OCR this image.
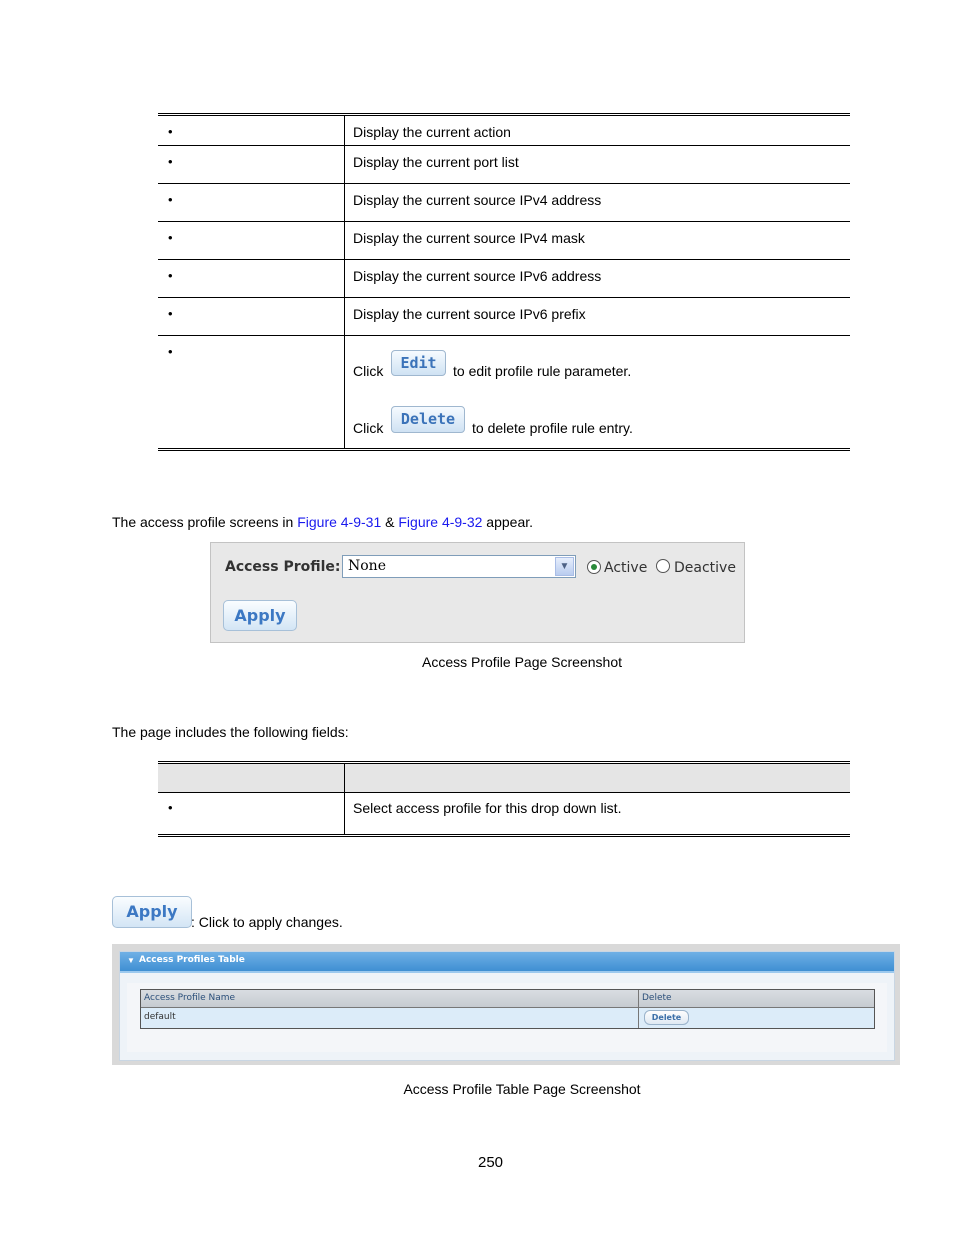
•	Display the current action
•	Display the current port list
•	Display the current source IPv4 address
•	Display the current source IPv4 mask
•	Display the current source IPv6 address
•	Display the current source IPv6 prefix
•
Click	Edit	to edit profile rule parameter.
Click	Delete	to delete profile rule entry.
The access profile screens in Figure 4-9-31 & Figure 4-9-32 appear.
Access Profile: None	▼	Active Deactive
Apply
Access Profile Page Screenshot
The page includes the following fields:
•	Select access profile for this drop down list.
Apply
: Click to apply changes.
▼ Access Profiles Table
Access Profile Name	Delete
default	Delete
Access Profile Table Page Screenshot
250
